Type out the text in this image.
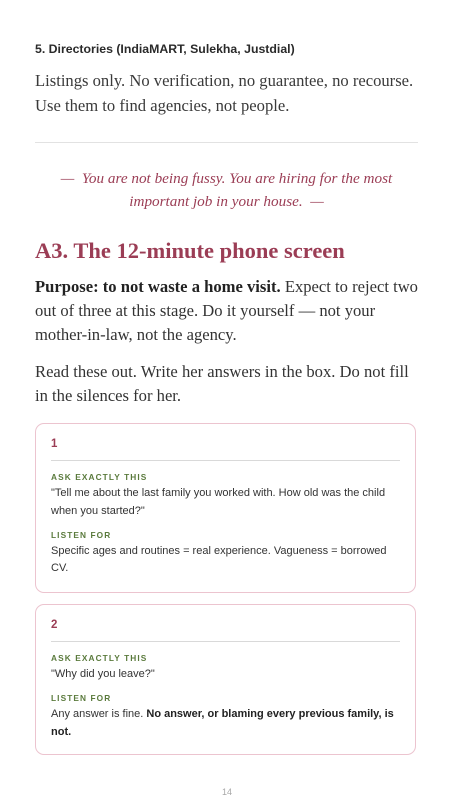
5. Directories (IndiaMART, Sulekha, Justdial)
Listings only. No verification, no guarantee, no recourse. Use them to find agencies, not people.
— You are not being fussy. You are hiring for the most important job in your house. —
A3. The 12-minute phone screen
Purpose: to not waste a home visit. Expect to reject two out of three at this stage. Do it yourself — not your mother-in-law, not the agency.
Read these out. Write her answers in the box. Do not fill in the silences for her.
1
ASK EXACTLY THIS
"Tell me about the last family you worked with. How old was the child when you started?"
LISTEN FOR
Specific ages and routines = real experience. Vagueness = borrowed CV.
2
ASK EXACTLY THIS
"Why did you leave?"
LISTEN FOR
Any answer is fine. No answer, or blaming every previous family, is not.
14
